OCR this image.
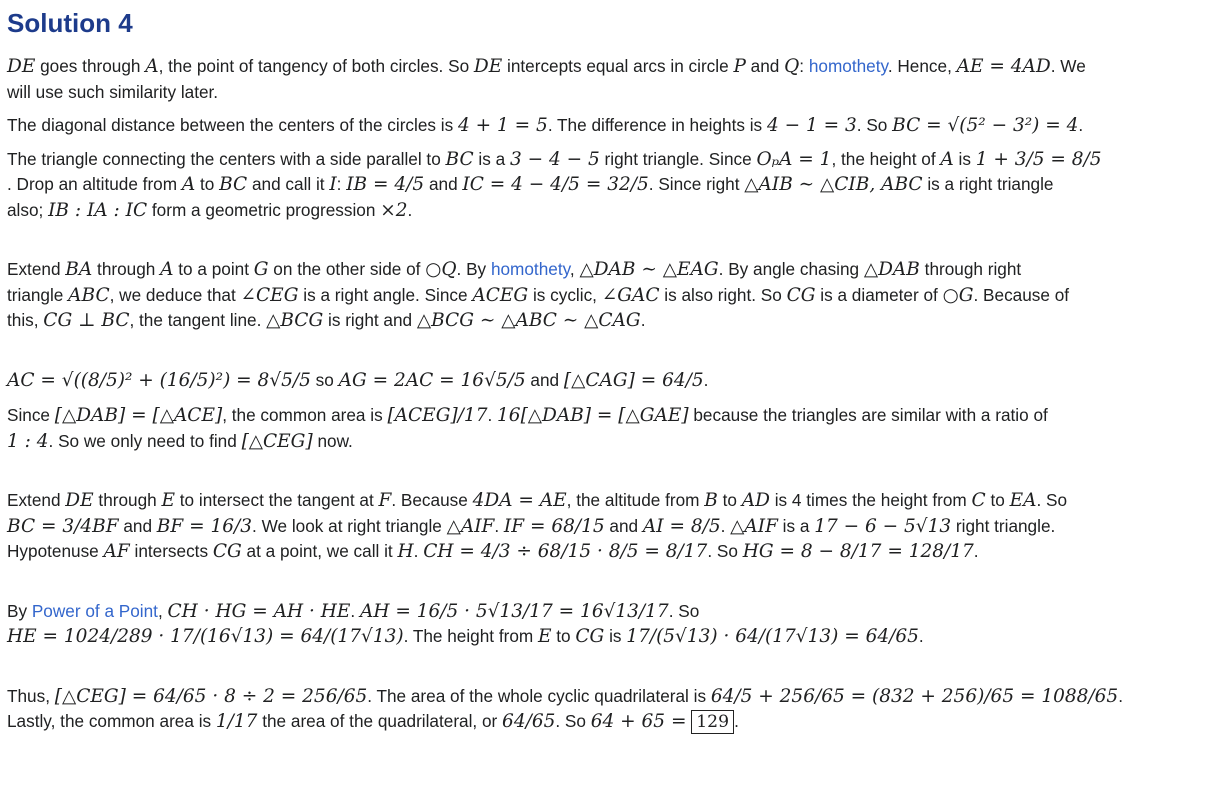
Solution 4

DE goes through A, the point of tangency of both circles. So DE intercepts equal arcs in circle P and Q: homothety. Hence, AE = 4AD. We
will use such similarity later.

The diagonal distance between the centers of the circles is 4 + 1 = 5. The difference in heights is 4 − 1 = 3. So BC = √(5² − 3²) = 4.

The triangle connecting the centers with a side parallel to BC is a 3 − 4 − 5 right triangle. Since OₚA = 1, the height of A is 1 + 3/5 = 8/5
. Drop an altitude from A to BC and call it I: IB = 4/5 and IC = 4 − 4/5 = 32/5. Since right △AIB ∼ △CIB, ABC is a right triangle
also; IB : IA : IC form a geometric progression ×2.

Extend BA through A to a point G on the other side of ○Q. By homothety, △DAB ∼ △EAG. By angle chasing △DAB through right
triangle ABC, we deduce that ∠CEG is a right angle. Since ACEG is cyclic, ∠GAC is also right. So CG is a diameter of ○G. Because of
this, CG ⊥ BC, the tangent line. △BCG is right and △BCG ∼ △ABC ∼ △CAG.

AC = √((8/5)² + (16/5)²) = 8√5/5 so AG = 2AC = 16√5/5 and [△CAG] = 64/5.

Since [△DAB] = [△ACE], the common area is [ACEG]/17. 16[△DAB] = [△GAE] because the triangles are similar with a ratio of
1 : 4. So we only need to find [△CEG] now.

Extend DE through E to intersect the tangent at F. Because 4DA = AE, the altitude from B to AD is 4 times the height from C to EA. So
BC = 3/4BF and BF = 16/3. We look at right triangle △AIF. IF = 68/15 and AI = 8/5. △AIF is a 17 − 6 − 5√13 right triangle.
Hypotenuse AF intersects CG at a point, we call it H. CH = 4/3 ÷ 68/15 · 8/5 = 8/17. So HG = 8 − 8/17 = 128/17.

By Power of a Point, CH · HG = AH · HE. AH = 16/5 · 5√13/17 = 16√13/17. So
HE = 1024/289 · 17/(16√13) = 64/(17√13). The height from E to CG is 17/(5√13) · 64/(17√13) = 64/65.

Thus, [△CEG] = 64/65 · 8 ÷ 2 = 256/65. The area of the whole cyclic quadrilateral is 64/5 + 256/65 = (832 + 256)/65 = 1088/65.
Lastly, the common area is 1/17 the area of the quadrilateral, or 64/65. So 64 + 65 = 129 .
